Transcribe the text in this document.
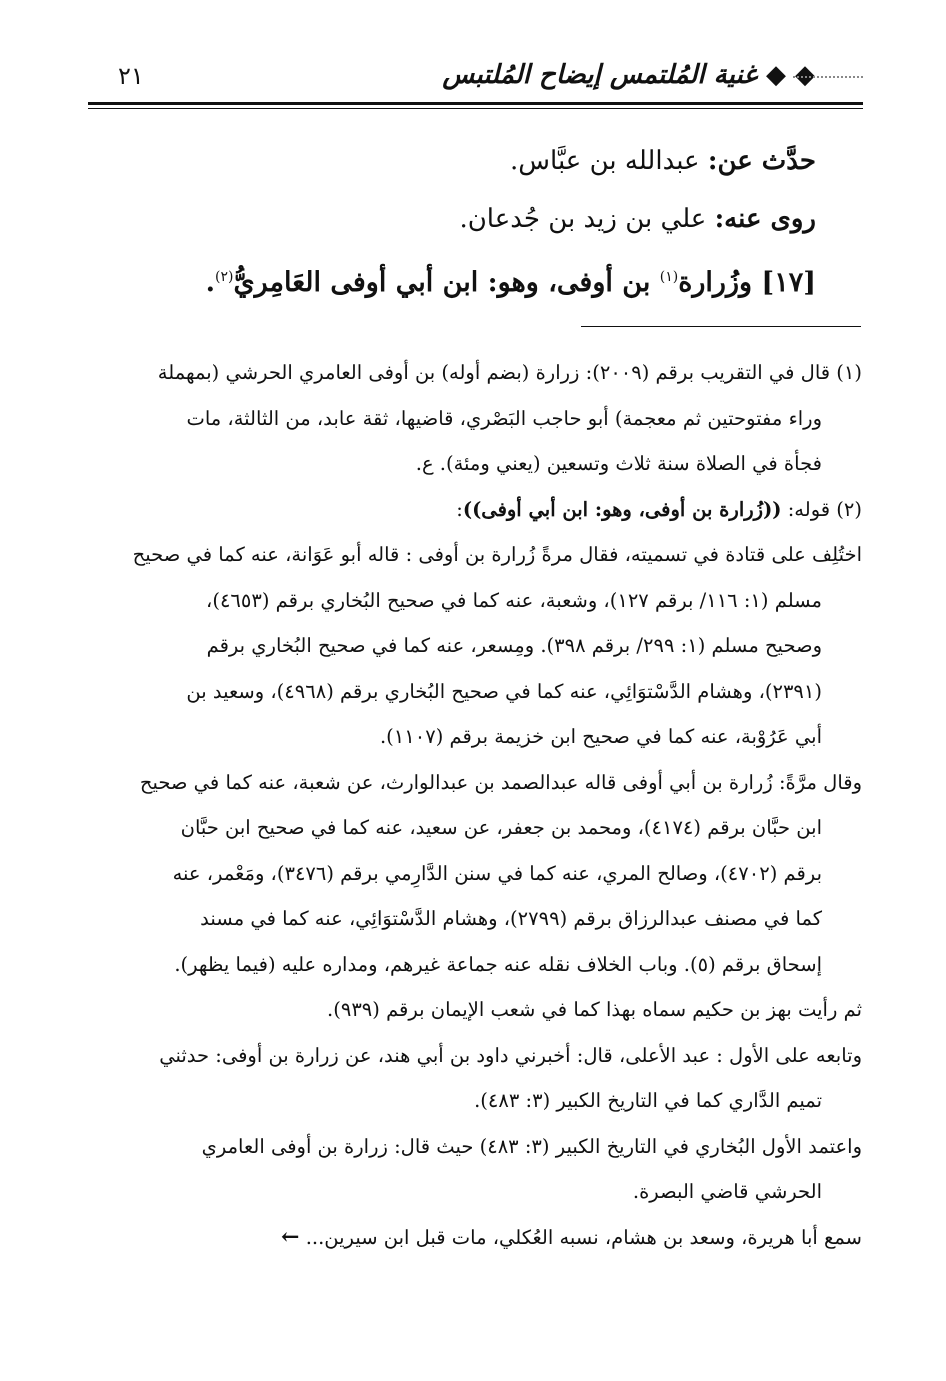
٢١	◆ ◆ غنية المُلتمس إيضاح المُلتبس
حدَّث عن: عبدالله بن عبَّاس.
روى عنه: علي بن زيد بن جُدعان.
[١٧] وزُرارة$^{(١)}$ بن أوفى، وهو: ابن أبي أوفى العَامِريُّ$^{(٢)}$.

(١) قال في التقريب برقم (٢٠٠٩): زرارة (بضم أوله) بن أوفى العامري الحرشي (بمهملة
وراء مفتوحتين ثم معجمة) أبو حاجب البَصْري، قاضيها، ثقة عابد، من الثالثة، مات
فجأة في الصلاة سنة ثلاث وتسعين (يعني ومئة). ع.

(٢) قوله: ((زُرارة بن أوفى، وهو: ابن أبي أوفى)):
اختُلِف على قتادة في تسميته، فقال مرةً زُرارة بن أوفى : قاله أبو عَوَانة، عنه كما في صحيح
مسلم (١: ١١٦/ برقم ١٢٧)، وشعبة، عنه كما في صحيح البُخاري برقم (٤٦٥٣)،
وصحيح مسلم (١: ٢٩٩/ برقم ٣٩٨). ومِسعر، عنه كما في صحيح البُخاري برقم
(٢٣٩١)، وهشام الدَّسْتوَائِي، عنه كما في صحيح البُخاري برقم (٤٩٦٨)، وسعيد بن
أبي عَرُوْبة، عنه كما في صحيح ابن خزيمة برقم (١١٠٧).
وقال مرَّةً: زُرارة بن أبي أوفى قاله عبدالصمد بن عبدالوارث، عن شعبة، عنه كما في صحيح
ابن حبَّان برقم (٤١٧٤)، ومحمد بن جعفر، عن سعيد، عنه كما في صحيح ابن حبَّان
برقم (٤٧٠٢)، وصالح المري، عنه كما في سنن الدَّارِمي برقم (٣٤٧٦)، ومَعْمر، عنه
كما في مصنف عبدالرزاق برقم (٢٧٩٩)، وهشام الدَّسْتوَائِي، عنه كما في مسند
إسحاق برقم (٥). وباب الخلاف نقله عنه جماعة غيرهم، ومداره عليه (فيما يظهر).
ثم رأيت بهز بن حكيم سماه بهذا كما في شعب الإيمان برقم (٩٣٩).
وتابعه على الأول : عبد الأعلى، قال: أخبرني داود بن أبي هند، عن زرارة بن أوفى: حدثني
تميم الدَّاري كما في التاريخ الكبير (٣: ٤٨٣).
واعتمد الأول البُخاري في التاريخ الكبير (٣: ٤٨٣) حيث قال: زرارة بن أوفى العامري
الحرشي قاضي البصرة.
سمع أبا هريرة، وسعد بن هشام، نسبه العُكلي، مات قبل ابن سيرين... ←
